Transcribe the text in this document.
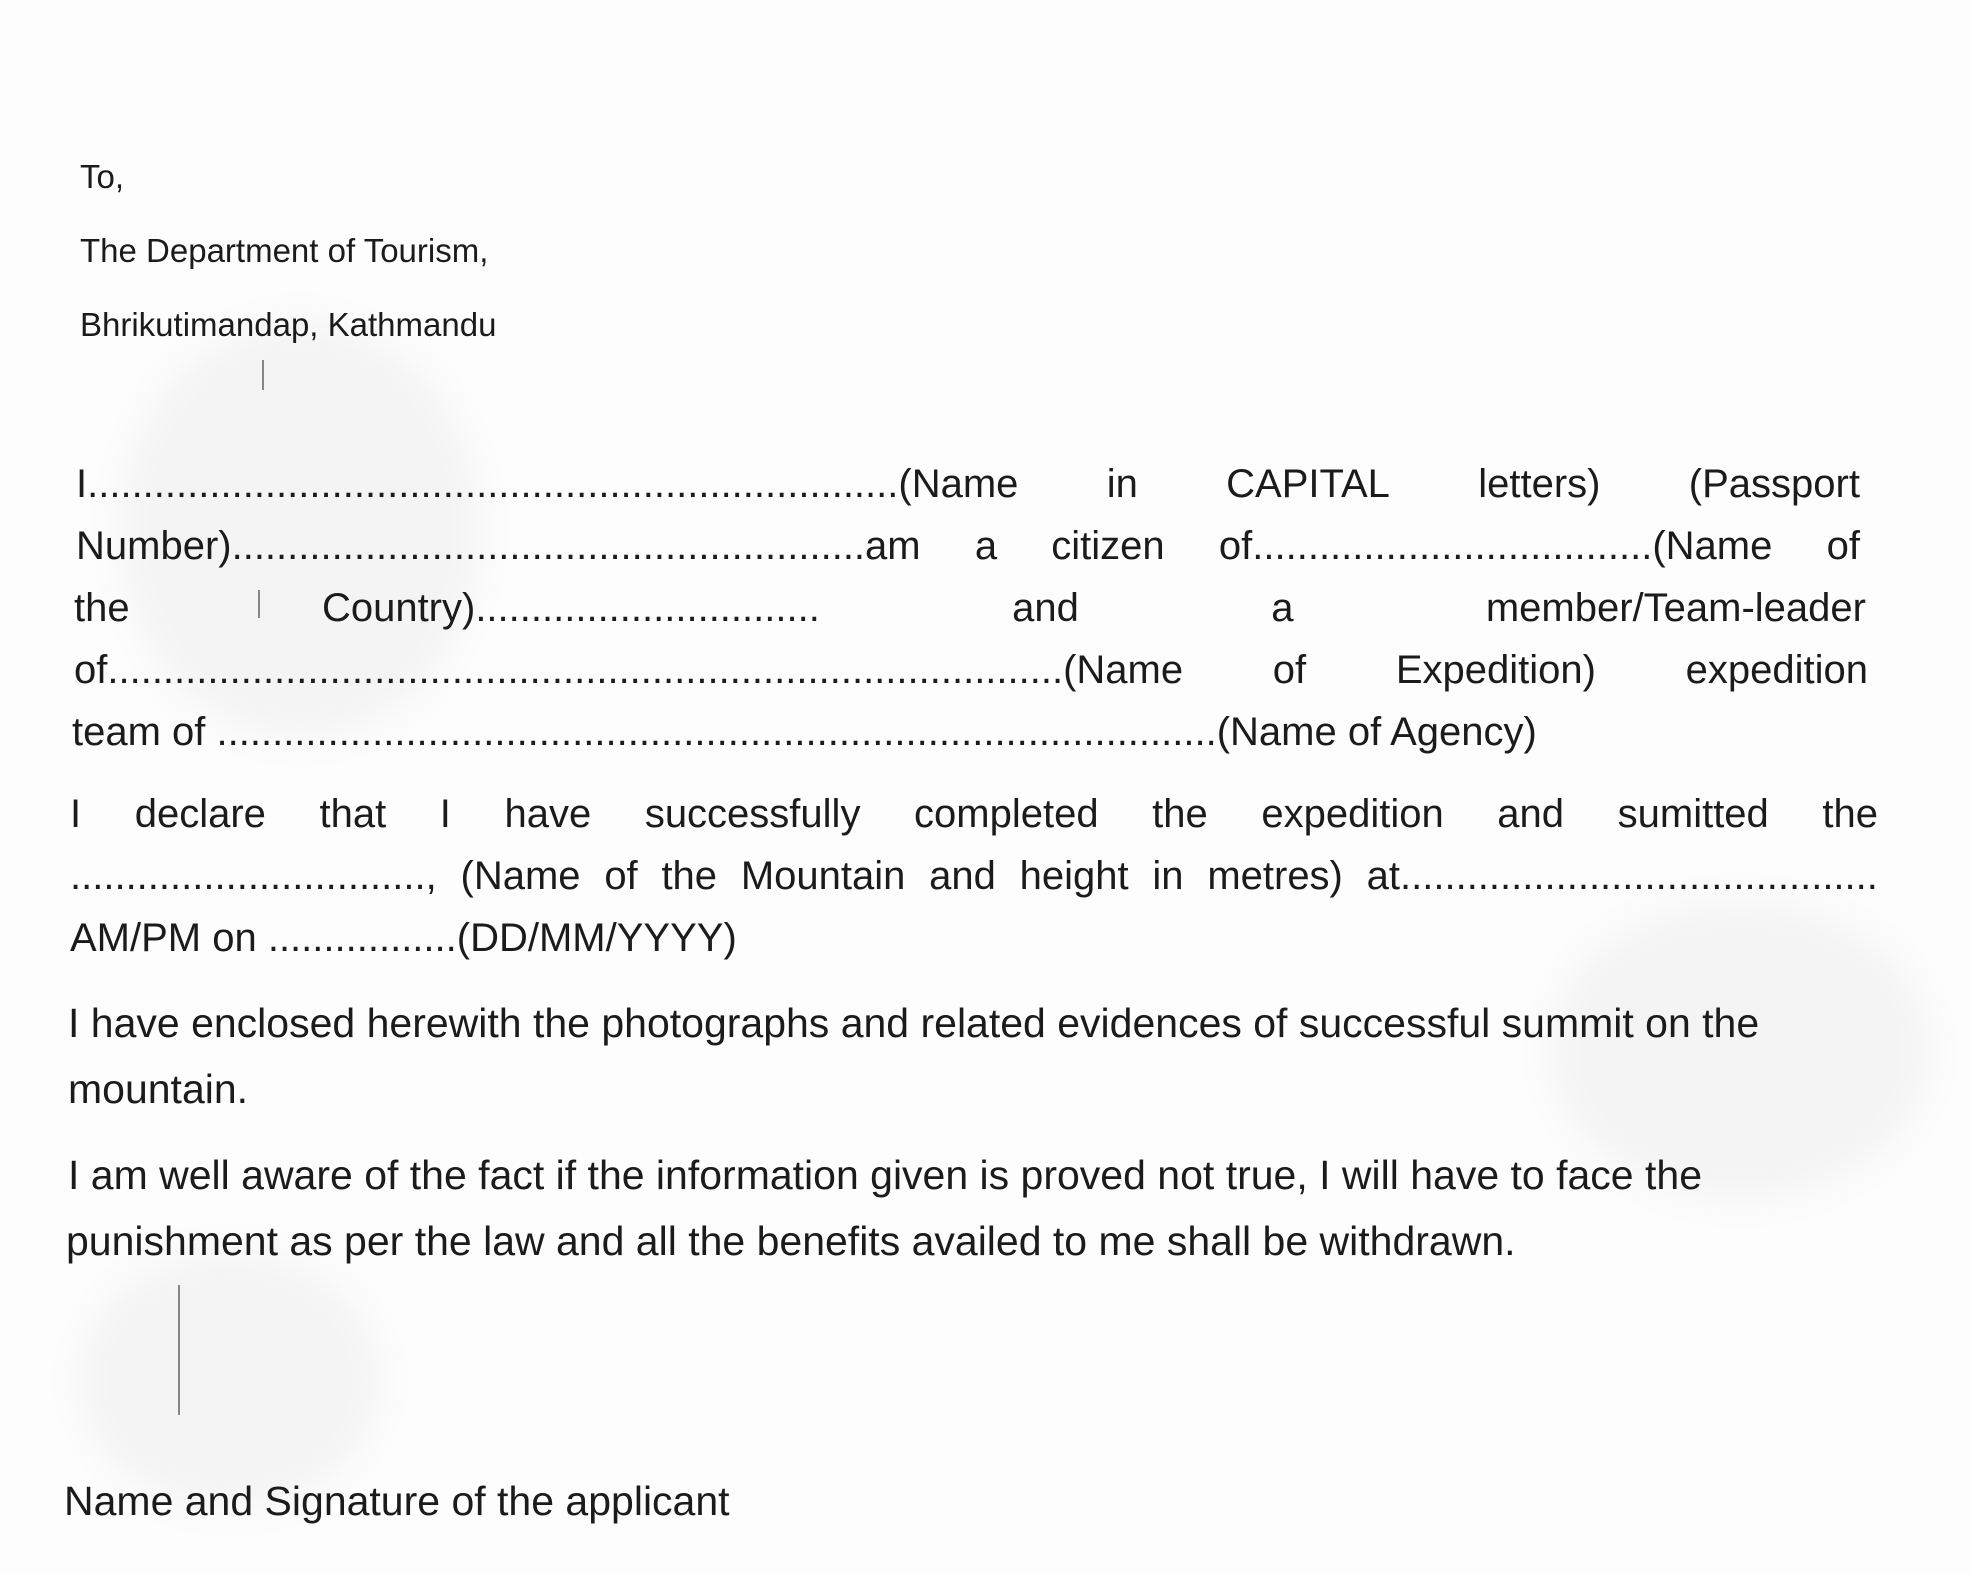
To,

The Department of Tourism,

Bhrikutimandap, Kathmandu

I.........................................................................(Name in CAPITAL letters) (Passport
Number).........................................................am a citizen of....................................(Name of
the	Country)...............................	and	a	member/Team-leader
of......................................................................................(Name of Expedition) expedition

team of ..........................................................................................(Name of Agency)

I declare that I have successfully completed the expedition and sumitted the
................................, (Name of the Mountain and height in metres) at...........................................

AM/PM on .................(DD/MM/YYYY)

I have enclosed herewith the photographs and related evidences of successful summit on the

mountain.

I am well aware of the fact if the information given is proved not true, I will have to face the

punishment as per the law and all the benefits availed to me shall be withdrawn.

Name and Signature of the applicant
